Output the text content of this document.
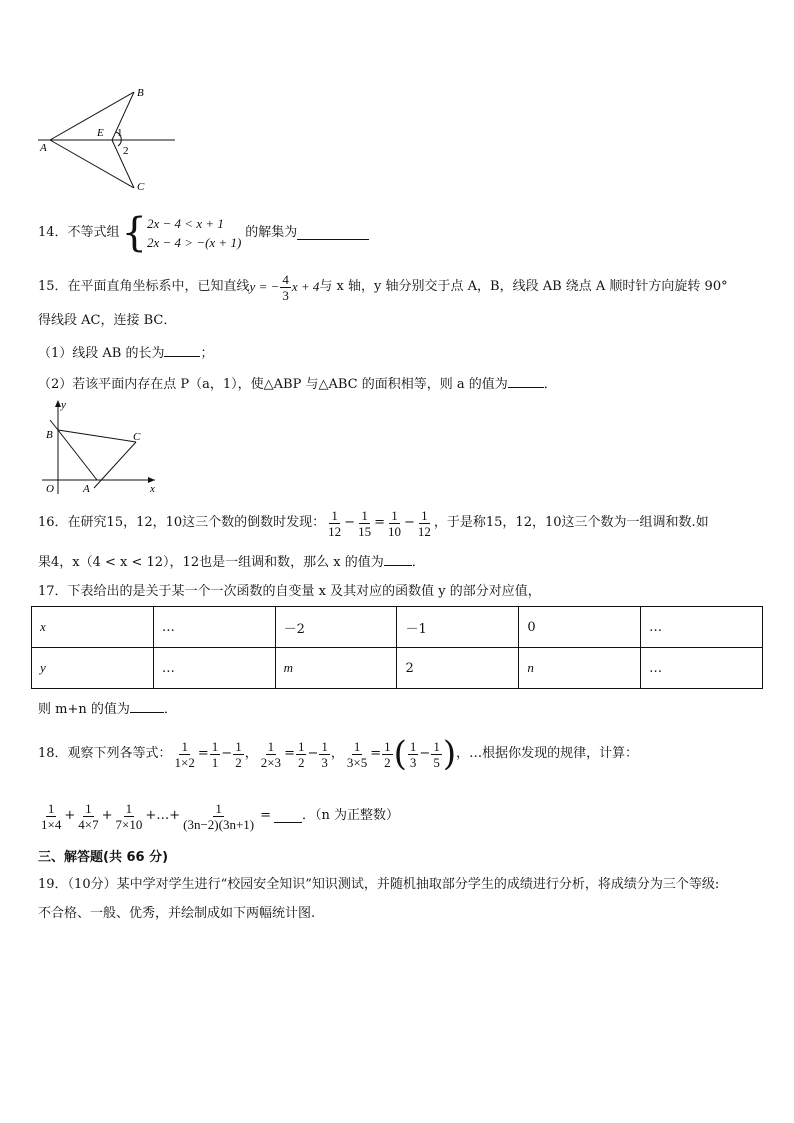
B
E 1
A	2
C
14．不等式组 { 2x − 4 < x + 1
2x − 4 > −(x + 1)
的解集为
15．在平面直角坐标系中，已知直线 y = − $\frac{4}{3}$ x + 4 与 x 轴，y 轴分别交于点 A，B，线段 AB 绕点 A 顺时针方向旋转 90°
得线段 AC，连接 BC．
（1）线段 AB 的长为	；
（2）若该平面内存在点 P（a，1），使△ABP 与△ABC 的面积相等，则 a 的值为	．
y
B	C
O	A	x
16．在研究15，12，10这三个数的倒数时发现： $\frac{1}{12} - \frac{1}{15} = \frac{1}{10} - \frac{1}{12}$ ，于是称15，12，10这三个数为一组调和数.如
果4，x（4 < x < 12），12也是一组调和数，那么 x 的值为 ．
17．下表给出的是关于某一个一次函数的自变量 x 及其对应的函数值 y 的部分对应值，
x	…	－2	－1	0	…
y	…	m	2	n	…
则 m+n 的值为	．
18．观察下列各等式： $\frac{1}{1\times 2} = \frac{1}{1} - \frac{1}{2}$ ， $\frac{1}{2\times 3} = \frac{1}{2} - \frac{1}{3}$ ， $\frac{1}{3\times 5} = \frac{1}{2}$ ( $\frac{1}{3} - \frac{1}{5}$ ) ，…根据你发现的规律，计算：
$\frac{1}{1\times 4} + \frac{1}{4\times 7} + \frac{1}{7\times 10}$ +…+ $\frac{1}{(3n-2)(3n+1)}$ = ．（n 为正整数）
三、解答题(共 66 分)
19．（10分）某中学对学生进行“校园安全知识”知识测试，并随机抽取部分学生的成绩进行分析，将成绩分为三个等级:
不合格、一般、优秀，并绘制成如下两幅统计图.
